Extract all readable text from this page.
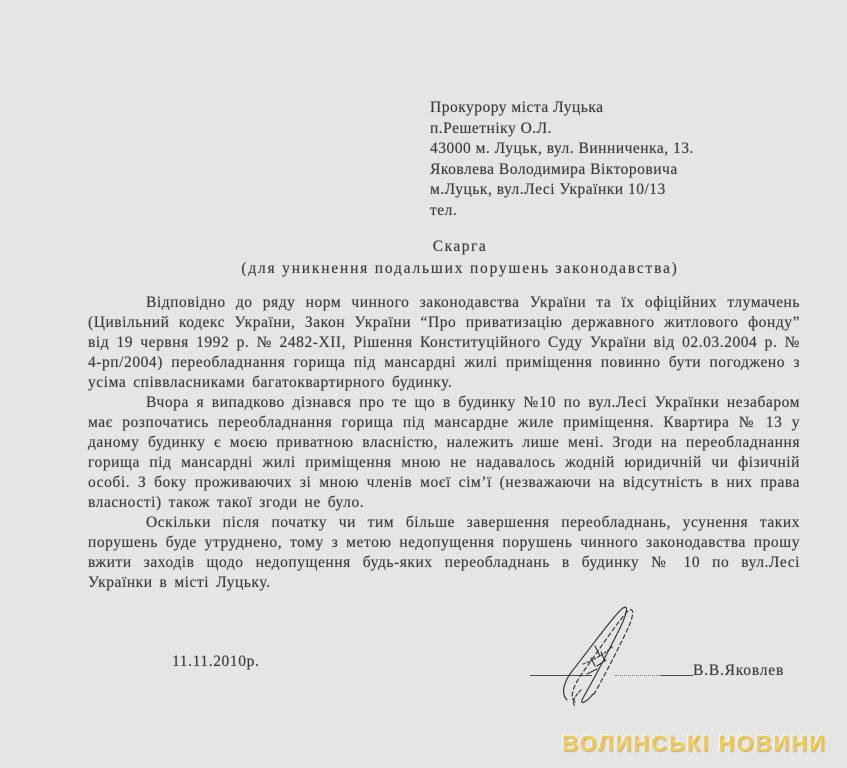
Прокурору міста Луцька
п.Решетніку О.Л.
43000 м. Луцьк, вул. Винниченка, 13.
Яковлева Володимира Вікторовича
м.Луцьк, вул.Лесі Українки 10/13
тел.
Скарга
(для уникнення подальших порушень законодавства)

Відповідно до ряду норм чинного законодавства України та їх офіційних тлумачень (Цивільний кодекс України, Закон України “Про приватизацію державного житлового фонду” від 19 червня 1992 р. № 2482-ХІІ, Рішення Конституційного Суду України від 02.03.2004 р. № 4-рп/2004) переобладнання горища під мансардні жилі приміщення повинно бути погоджено з усіма співвласниками багатоквартирного будинку.

Вчора я випадково дізнався про те що в будинку №10 по вул.Лесі Українки незабаром має розпочатись переобладнання горища під мансардне жиле приміщення. Квартира № 13 у даному будинку є моєю приватною власністю, належить лише мені. Згоди на переобладнання горища під мансардні жилі приміщення мною не надавалось жодній юридичній чи фізичній особі. З боку проживаючих зі мною членів моєї сім’ї (незважаючи на відсутність в них права власності) також такої згоди не було.

Оскільки після початку чи тим більше завершення переобладнань, усунення таких порушень буде утруднено, тому з метою недопущення порушень чинного законодавства прошу вжити заходів щодо недопущення будь-яких переобладнань в будинку № 10 по вул.Лесі Українки в місті Луцьку.

11.11.2010р.
В.В.Яковлев
ВОЛИНСЬКІ НОВИНИ
